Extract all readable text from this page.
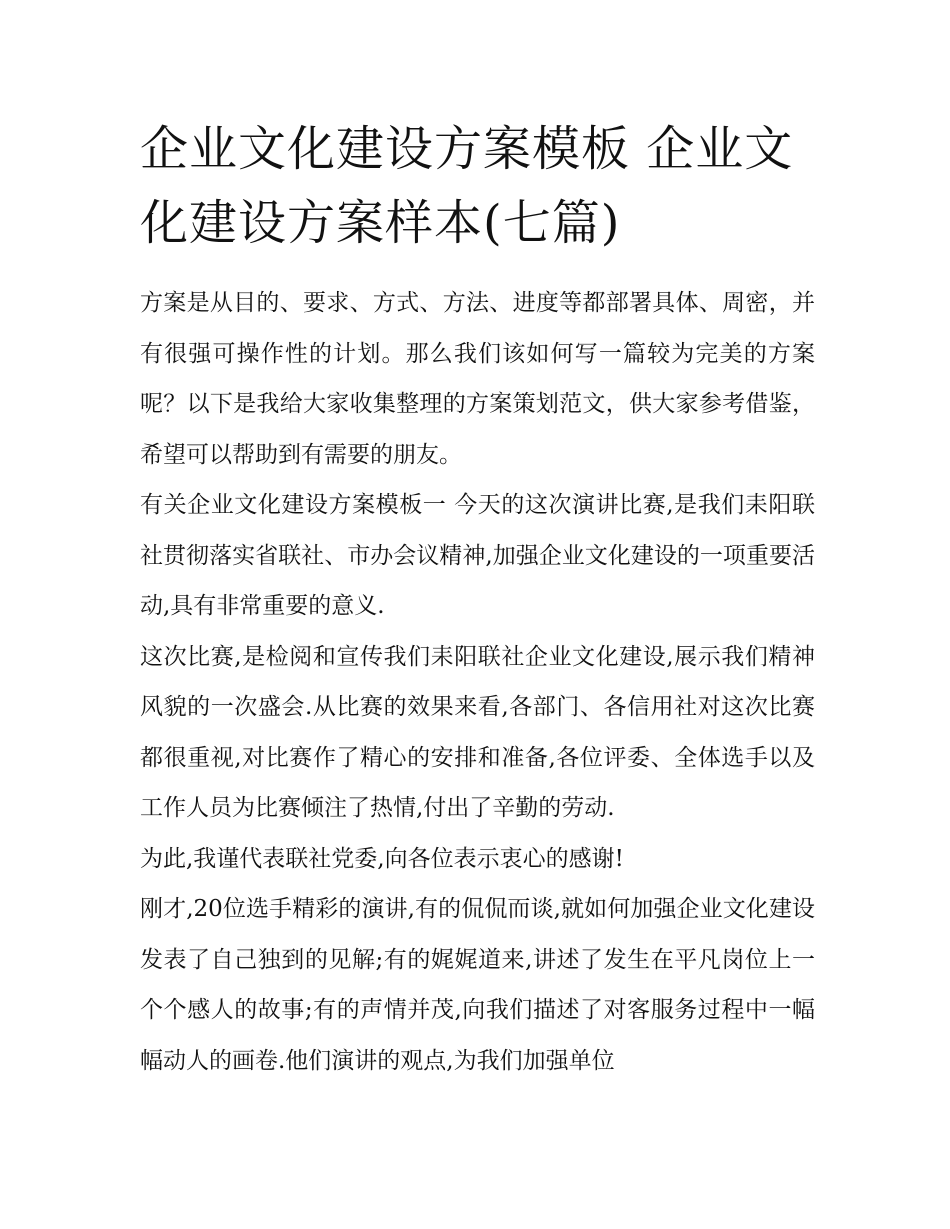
企业文化建设方案模板 企业文化建设方案样本(七篇)

方案是从目的、要求、方式、方法、进度等都部署具体、周密，并有很强可操作性的计划。那么我们该如何写一篇较为完美的方案呢？以下是我给大家收集整理的方案策划范文，供大家参考借鉴，希望可以帮助到有需要的朋友。

有关企业文化建设方案模板一 今天的这次演讲比赛,是我们耒阳联社贯彻落实省联社、市办会议精神,加强企业文化建设的一项重要活动,具有非常重要的意义.

这次比赛,是检阅和宣传我们耒阳联社企业文化建设,展示我们精神风貌的一次盛会.从比赛的效果来看,各部门、各信用社对这次比赛都很重视,对比赛作了精心的安排和准备,各位评委、全体选手以及工作人员为比赛倾注了热情,付出了辛勤的劳动.

为此,我谨代表联社党委,向各位表示衷心的感谢!

刚才,20位选手精彩的演讲,有的侃侃而谈,就如何加强企业文化建设发表了自己独到的见解;有的娓娓道来,讲述了发生在平凡岗位上一个个感人的故事;有的声情并茂,向我们描述了对客服务过程中一幅幅动人的画卷.他们演讲的观点,为我们加强单位
